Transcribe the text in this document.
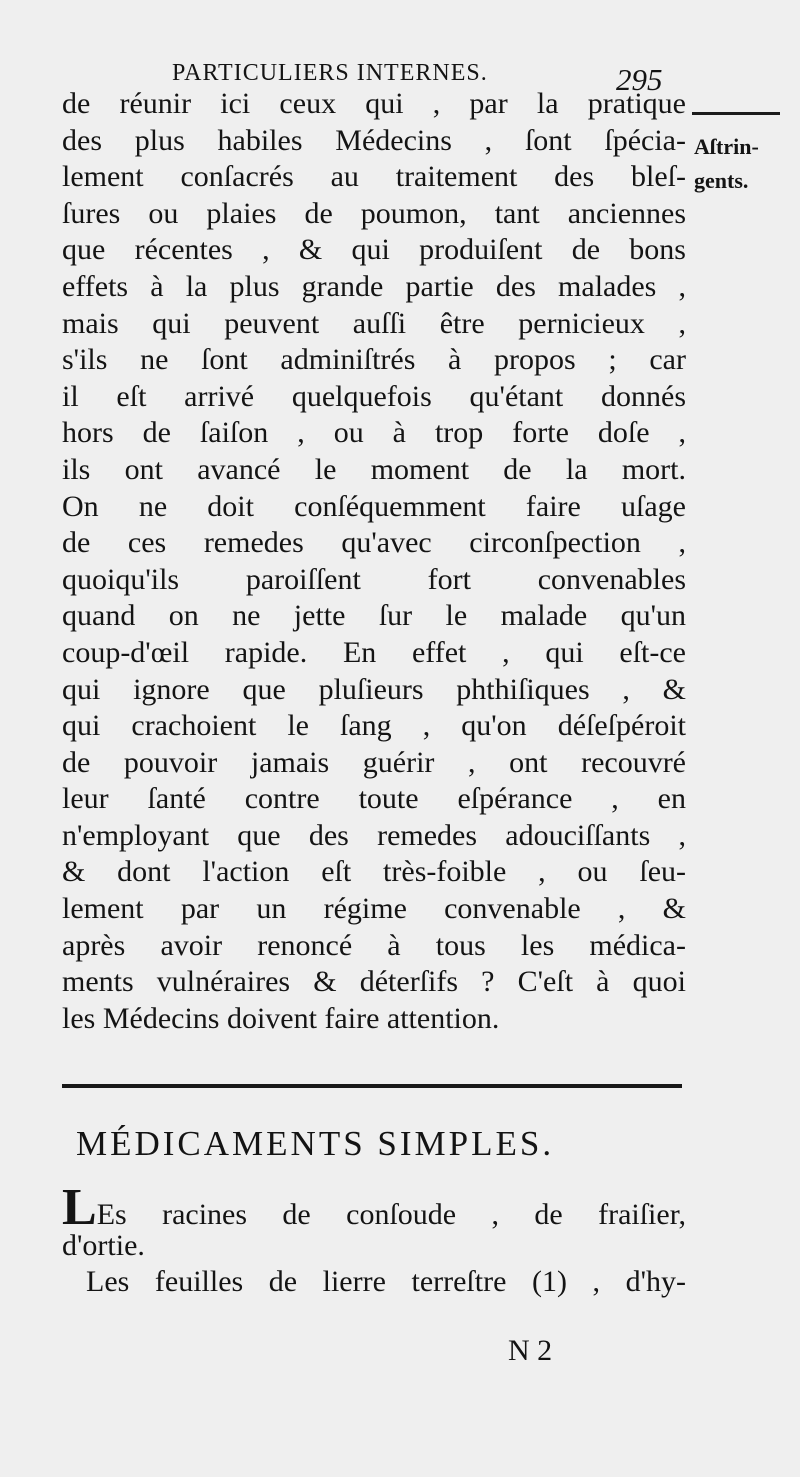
PARTICULIERS INTERNES.	295
Aſtrin-
gents.
de réunir ici ceux qui , par la pratique
des plus habiles Médecins , ſont ſpécia-
lement conſacrés au traitement des bleſ-
ſures ou plaies de poumon, tant anciennes
que récentes , & qui produiſent de bons
effets à la plus grande partie des malades ,
mais qui peuvent auſſi être pernicieux ,
s'ils ne ſont adminiſtrés à propos ; car
il eſt arrivé quelquefois qu'étant donnés
hors de ſaiſon , ou à trop forte doſe ,
ils ont avancé le moment de la mort.
On ne doit conſéquemment faire uſage
de ces remedes qu'avec circonſpection ,
quoiqu'ils paroiſſent fort convenables
quand on ne jette ſur le malade qu'un
coup-d'œil rapide. En effet , qui eſt-ce
qui ignore que pluſieurs phthiſiques , &
qui crachoient le ſang , qu'on déſeſpéroit
de pouvoir jamais guérir , ont recouvré
leur ſanté contre toute eſpérance , en
n'employant que des remedes adouciſſants ,
& dont l'action eſt très-foible , ou ſeu-
lement par un régime convenable , &
après avoir renoncé à tous les médica-
ments vulnéraires & déterſifs ? C'eſt à quoi
les Médecins doivent faire attention.
MÉDICAMENTS SIMPLES.
LEs racines de conſoude , de fraiſier,
d'ortie.
Les feuilles de lierre terreſtre (1) , d'hy-
N 2
